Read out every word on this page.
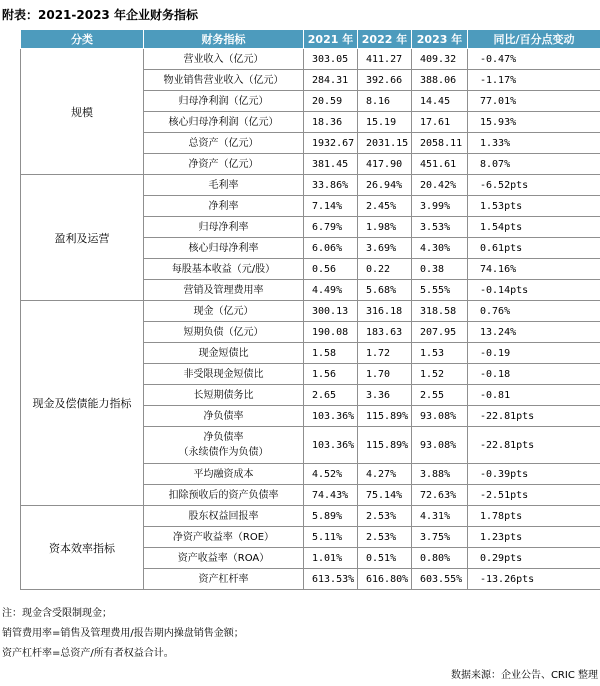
附表：2021-2023 年企业财务指标
分类	财务指标	2021 年	2022 年	2023 年	同比/百分点变动
规模	营业收入（亿元）	303.05	411.27	409.32	-0.47%

	物业销售营业收入（亿元）	284.31	392.66	388.06	-1.17%

	归母净利润（亿元）	20.59	8.16	14.45	77.01%

	核心归母净利润（亿元）	18.36	15.19	17.61	15.93%

	总资产（亿元）	1932.67	2031.15	2058.11	1.33%

	净资产（亿元）	381.45	417.90	451.61	8.07%
盈利及运营	毛利率	33.86%	26.94%	20.42%	-6.52pts

	净利率	7.14%	2.45%	3.99%	1.53pts

	归母净利率	6.79%	1.98%	3.53%	1.54pts

	核心归母净利率	6.06%	3.69%	4.30%	0.61pts

	每股基本收益（元/股）	0.56	0.22	0.38	74.16%

	营销及管理费用率	4.49%	5.68%	5.55%	-0.14pts
现金及偿债能力指标	现金（亿元）	300.13	316.18	318.58	0.76%

	短期负债（亿元）	190.08	183.63	207.95	13.24%

	现金短债比	1.58	1.72	1.53	-0.19

	非受限现金短债比	1.56	1.70	1.52	-0.18

	长短期债务比	2.65	3.36	2.55	-0.81

	净负债率	103.36%	115.89%	93.08%	-22.81pts

	净负债率
（永续债作为负债）	103.36%	115.89%	93.08%	-22.81pts

	平均融资成本	4.52%	4.27%	3.88%	-0.39pts

	扣除预收后的资产负债率	74.43%	75.14%	72.63%	-2.51pts
资本效率指标	股东权益回报率	5.89%	2.53%	4.31%	1.78pts

	净资产收益率（ROE）	5.11%	2.53%	3.75%	1.23pts

	资产收益率（ROA）	1.01%	0.51%	0.80%	0.29pts

	资产杠杆率	613.53%	616.80%	603.55%	-13.26pts
注：现金含受限制现金；
销管费用率=销售及管理费用/报告期内操盘销售金额；
资产杠杆率=总资产/所有者权益合计。
数据来源：企业公告、CRIC 整理
